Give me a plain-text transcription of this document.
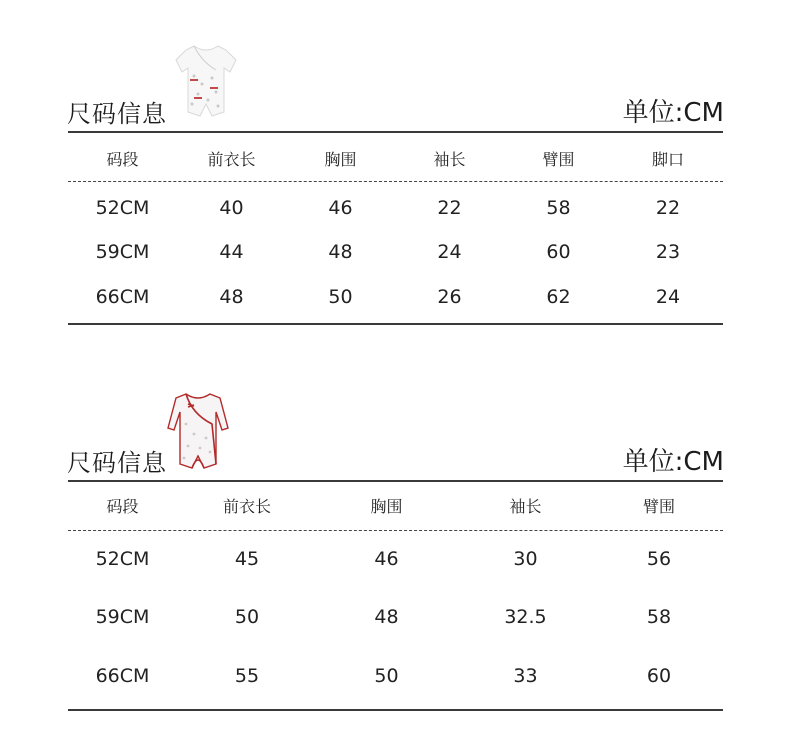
尺码信息	单位:CM
码段	前衣长	胸围	袖长	臂围	脚口
52CM	40	46	22	58	22
59CM	44	48	24	60	23
66CM	48	50	26	62	24
尺码信息	单位:CM
码段	前衣长	胸围	袖长	臂围
52CM	45	46	30	56
59CM	50	48	32.5	58
66CM	55	50	33	60
